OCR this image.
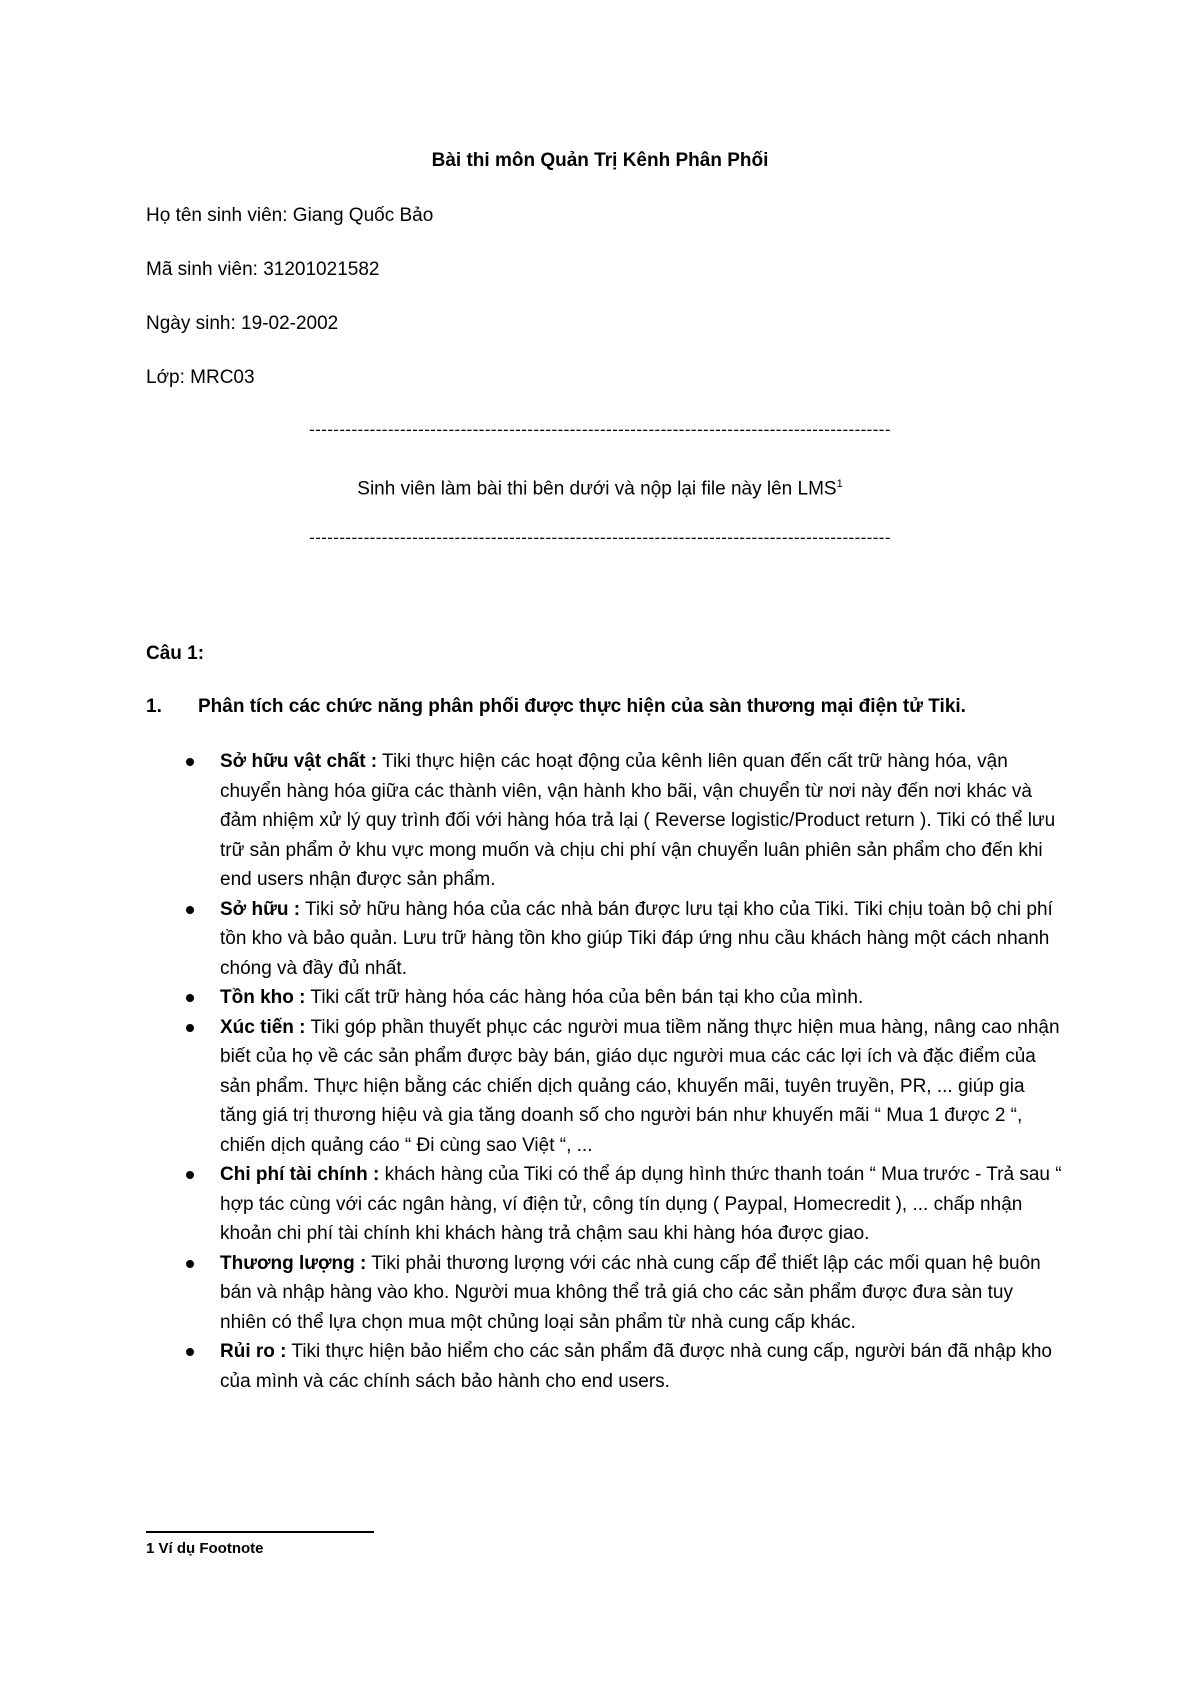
Bài thi môn Quản Trị Kênh Phân Phối
Họ tên sinh viên: Giang Quốc Bảo
Mã sinh viên: 31201021582
Ngày sinh: 19-02-2002
Lớp: MRC03
------------------------------------------------------------------------------------------------
Sinh viên làm bài thi bên dưới và nộp lại file này lên LMS$^1$
------------------------------------------------------------------------------------------------
Câu 1:
1.	Phân tích các chức năng phân phối được thực hiện của sàn thương mại điện tử Tiki.
Sở hữu vật chất : Tiki thực hiện các hoạt động của kênh liên quan đến cất trữ hàng hóa, vận chuyển hàng hóa giữa các thành viên, vận hành kho bãi, vận chuyển từ nơi này đến nơi khác và đảm nhiệm xử lý quy trình đối với hàng hóa trả lại ( Reverse logistic/Product return ). Tiki có thể lưu trữ sản phẩm ở khu vực mong muốn và chịu chi phí vận chuyển luân phiên sản phẩm cho đến khi end users nhận được sản phẩm.
Sở hữu : Tiki sở hữu hàng hóa của các nhà bán được lưu tại kho của Tiki. Tiki chịu toàn bộ chi phí tồn kho và bảo quản. Lưu trữ hàng tồn kho giúp Tiki đáp ứng nhu cầu khách hàng một cách nhanh chóng và đầy đủ nhất.
Tồn kho : Tiki cất trữ hàng hóa các hàng hóa của bên bán tại kho của mình.
Xúc tiến : Tiki góp phần thuyết phục các người mua tiềm năng thực hiện mua hàng, nâng cao nhận biết của họ về các sản phẩm được bày bán, giáo dục người mua các các lợi ích và đặc điểm của sản phẩm. Thực hiện bằng các chiến dịch quảng cáo, khuyến mãi, tuyên truyền, PR, ... giúp gia tăng giá trị thương hiệu và gia tăng doanh số cho người bán như khuyến mãi “ Mua 1 được 2 “, chiến dịch quảng cáo “ Đi cùng sao Việt “, ...
Chi phí tài chính : khách hàng của Tiki có thể áp dụng hình thức thanh toán “ Mua trước - Trả sau “ hợp tác cùng với các ngân hàng, ví điện tử, công tín dụng ( Paypal, Homecredit ), ... chấp nhận khoản chi phí tài chính khi khách hàng trả chậm sau khi hàng hóa được giao.
Thương lượng : Tiki phải thương lượng với các nhà cung cấp để thiết lập các mối quan hệ buôn bán và nhập hàng vào kho. Người mua không thể trả giá cho các sản phẩm được đưa sàn tuy nhiên có thể lựa chọn mua một chủng loại sản phẩm từ nhà cung cấp khác.
Rủi ro : Tiki thực hiện bảo hiểm cho các sản phẩm đã được nhà cung cấp, người bán đã nhập kho của mình và các chính sách bảo hành cho end users.
1 Ví dụ Footnote
